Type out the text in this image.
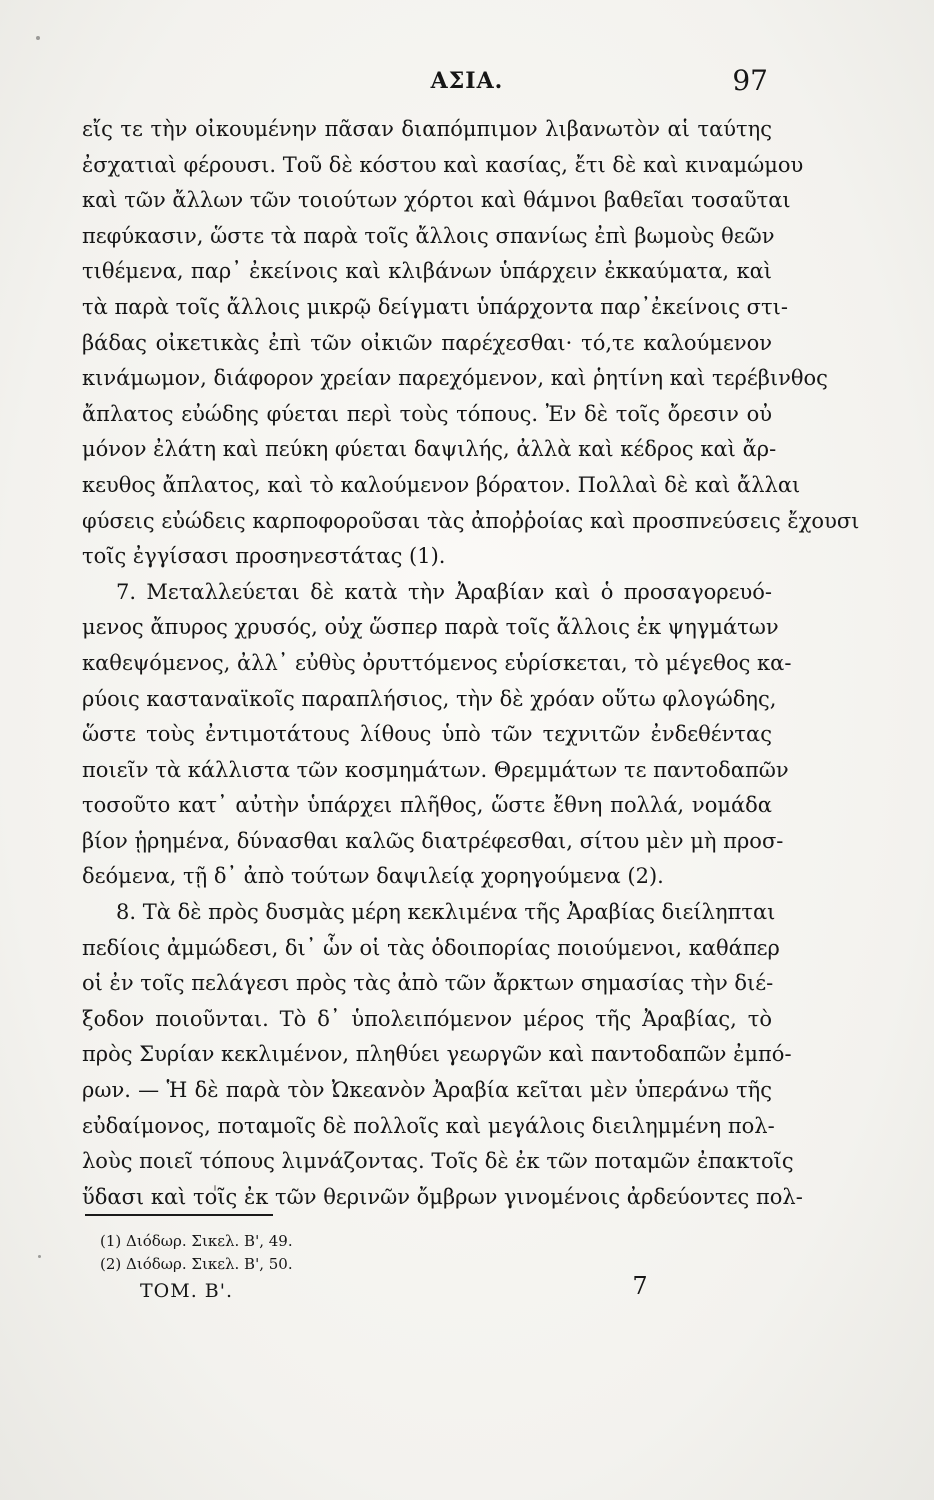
ΑΣΙΑ.	97
εἴς τε τὴν οἰκουμένην πᾶσαν διαπόμπιμον λιβανωτὸν αἱ ταύτης
ἐσχατιαὶ φέρουσι. Τοῦ δὲ κόστου καὶ κασίας, ἔτι δὲ καὶ κιναμώμου
καὶ τῶν ἄλλων τῶν τοιούτων χόρτοι καὶ θάμνοι βαθεῖαι τοσαῦται
πεφύκασιν, ὥστε τὰ παρὰ τοῖς ἄλλοις σπανίως ἐπὶ βωμοὺς θεῶν
τιθέμενα, παρ᾽ ἐκείνοις καὶ κλιβάνων ὑπάρχειν ἐκκαύματα, καὶ
τὰ παρὰ τοῖς ἄλλοις μικρῷ δείγματι ὑπάρχοντα παρ᾽ἐκείνοις στι-
βάδας οἰκετικὰς ἐπὶ τῶν οἰκιῶν παρέχεσθαι· τό,τε καλούμενον
κινάμωμον, διάφορον χρείαν παρεχόμενον, καὶ ῥητίνη καὶ τερέβινθος
ἄπλατος εὐώδης φύεται περὶ τοὺς τόπους. Ἐν δὲ τοῖς ὄρεσιν οὐ
μόνον ἐλάτη καὶ πεύκη φύεται δαψιλής, ἀλλὰ καὶ κέδρος καὶ ἄρ-
κευθος ἄπλατος, καὶ τὸ καλούμενον βόρατον. Πολλαὶ δὲ καὶ ἄλλαι
φύσεις εὐώδεις καρποφοροῦσαι τὰς ἀποῤῥοίας καὶ προσπνεύσεις ἔχουσι
τοῖς ἐγγίσασι προσηνεστάτας (1).
7. Μεταλλεύεται δὲ κατὰ τὴν Ἀραβίαν καὶ ὁ προσαγορευό-
μενος ἄπυρος χρυσός, οὐχ ὥσπερ παρὰ τοῖς ἄλλοις ἐκ ψηγμάτων
καθεψόμενος, ἀλλ᾽ εὐθὺς ὀρυττόμενος εὑρίσκεται, τὸ μέγεθος κα-
ρύοις κασταναϊκοῖς παραπλήσιος, τὴν δὲ χρόαν οὕτω φλογώδης,
ὥστε τοὺς ἐντιμοτάτους λίθους ὑπὸ τῶν τεχνιτῶν ἐνδεθέντας
ποιεῖν τὰ κάλλιστα τῶν κοσμημάτων. Θρεμμάτων τε παντοδαπῶν
τοσοῦτο κατ᾽ αὐτὴν ὑπάρχει πλῆθος, ὥστε ἔθνη πολλά, νομάδα
βίον ᾑρημένα, δύνασθαι καλῶς διατρέφεσθαι, σίτου μὲν μὴ προσ-
δεόμενα, τῇ δ᾽ ἀπὸ τούτων δαψιλείᾳ χορηγούμενα (2).
8. Τὰ δὲ πρὸς δυσμὰς μέρη κεκλιμένα τῆς Ἀραβίας διείληπται
πεδίοις ἀμμώδεσι, δι᾽ ὧν οἱ τὰς ὁδοιπορίας ποιούμενοι, καθάπερ
οἱ ἐν τοῖς πελάγεσι πρὸς τὰς ἀπὸ τῶν ἄρκτων σημασίας τὴν διέ-
ξοδον ποιοῦνται. Τὸ δ᾽ ὑπολειπόμενον μέρος τῆς Ἀραβίας, τὸ
πρὸς Συρίαν κεκλιμένον, πληθύει γεωργῶν καὶ παντοδαπῶν ἐμπό-
ρων. — Ἡ δὲ παρὰ τὸν Ὠκεανὸν Ἀραβία κεῖται μὲν ὑπεράνω τῆς
εὐδαίμονος, ποταμοῖς δὲ πολλοῖς καὶ μεγάλοις διειλημμένη πολ-
λοὺς ποιεῖ τόπους λιμνάζοντας. Τοῖς δὲ ἐκ τῶν ποταμῶν ἐπακτοῖς
ὕδασι καὶ τοῖς ἐκ τῶν θερινῶν ὄμβρων γινομένοις ἀρδεύοντες πολ-
(1) Διόδωρ. Σικελ. Β', 49.
(2) Διόδωρ. Σικελ. Β', 50.
ΤΟΜ. Β'.	7
